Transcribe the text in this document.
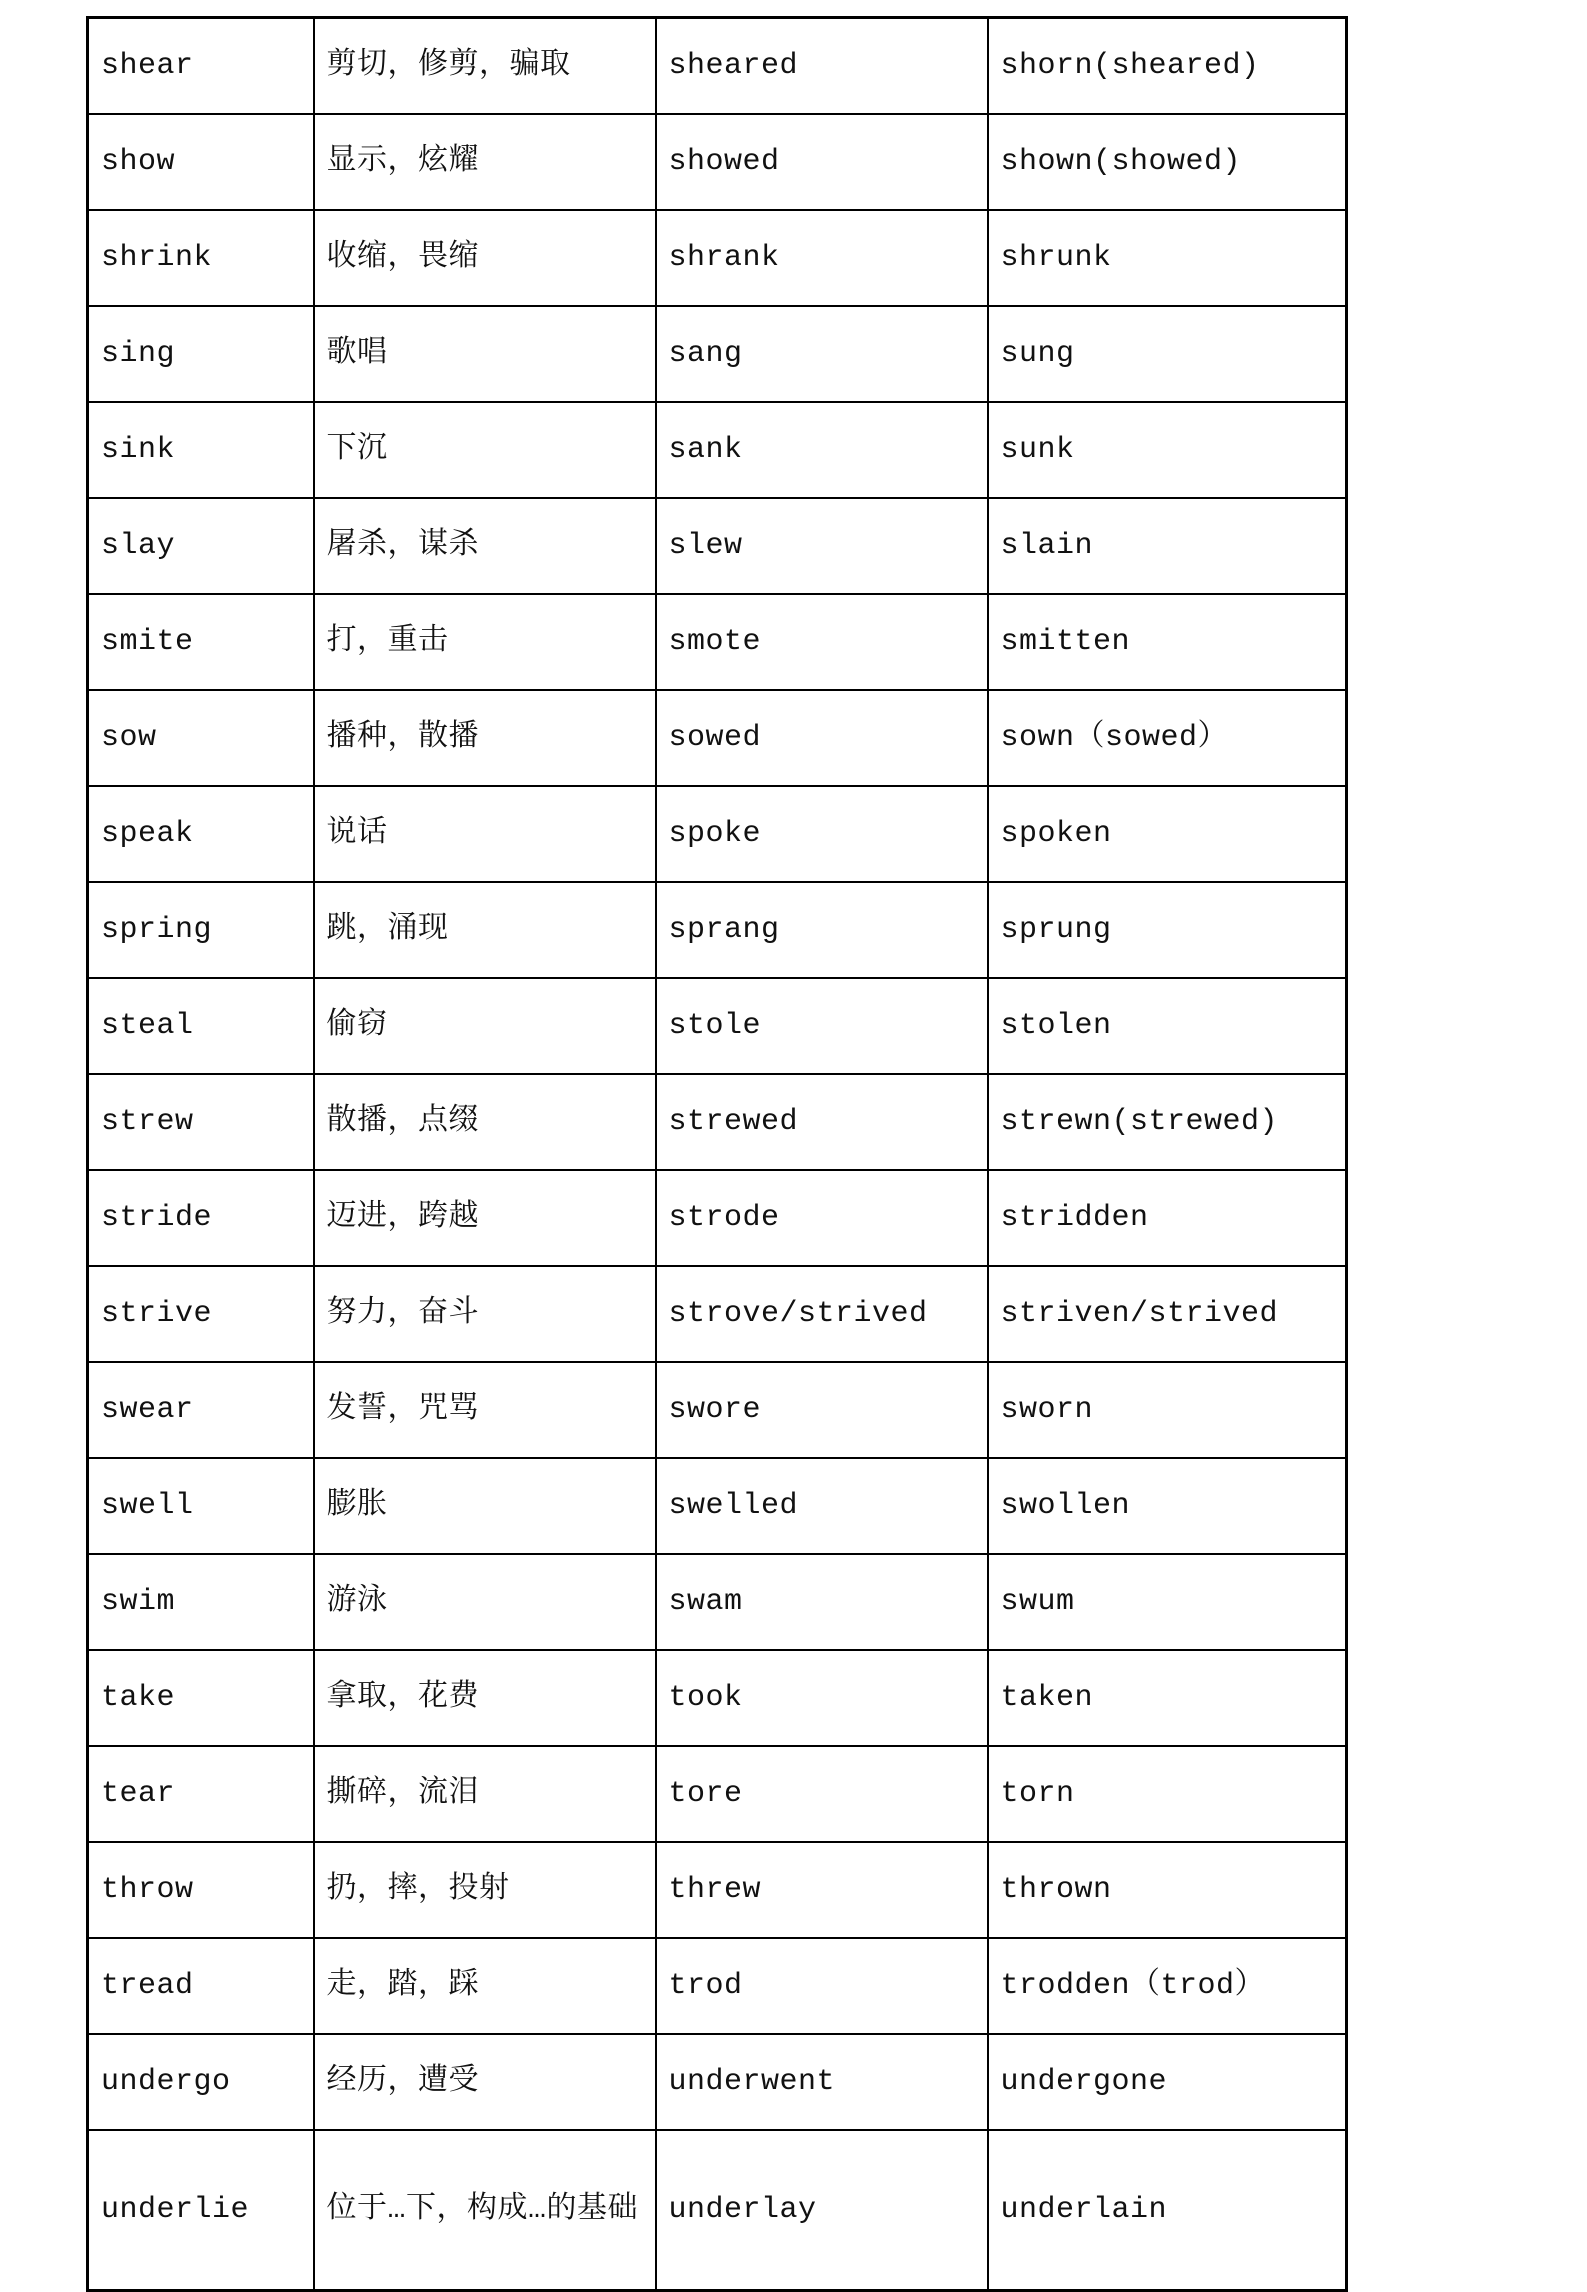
shear	剪切，修剪，骗取	sheared	shorn(sheared)
show	显示，炫耀	showed	shown(showed)
shrink	收缩，畏缩	shrank	shrunk
sing	歌唱	sang	sung
sink	下沉	sank	sunk
slay	屠杀，谋杀	slew	slain
smite	打，重击	smote	smitten
sow	播种，散播	sowed	sown（sowed）
speak	说话	spoke	spoken
spring	跳，涌现	sprang	sprung
steal	偷窃	stole	stolen
strew	散播，点缀	strewed	strewn(strewed)
stride	迈进，跨越	strode	stridden
strive	努力，奋斗	strove/strived	striven/strived
swear	发誓，咒骂	swore	sworn
swell	膨胀	swelled	swollen
swim	游泳	swam	swum
take	拿取，花费	took	taken
tear	撕碎，流泪	tore	torn
throw	扔，摔，投射	threw	thrown
tread	走，踏，踩	trod	trodden（trod）
undergo	经历，遭受	underwent	undergone
underlie	位于…下，构成…的基础	underlay	underlain
